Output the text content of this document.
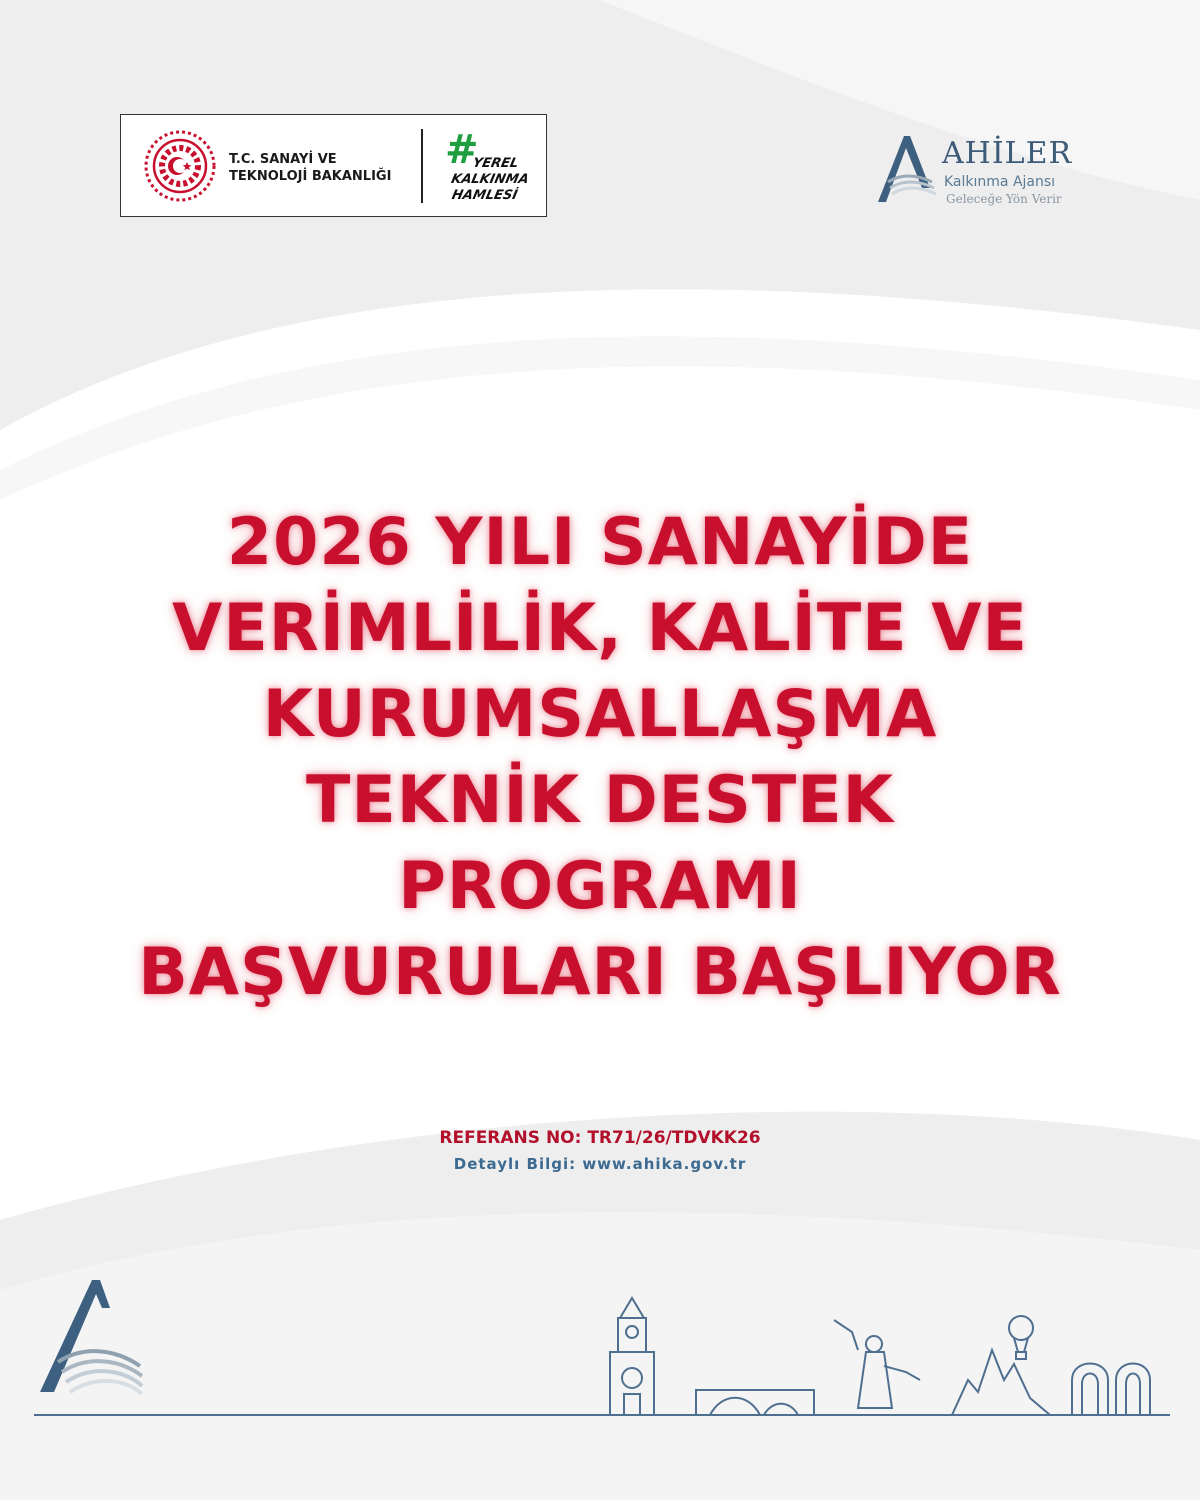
T.C. SANAYİ VE
TEKNOLOJİ BAKANLIĞI
#
YEREL
KALKINMA
HAMLESİ
AHİLER
Kalkınma Ajansı
Geleceğe Yön Verir
2026 YILI SANAYİDE
VERİMLİLİK, KALİTE VE
KURUMSALLAŞMA
TEKNİK DESTEK
PROGRAMI
BAŞVURULARI BAŞLIYOR
REFERANS NO: TR71/26/TDVKK26
Detaylı Bilgi: www.ahika.gov.tr
